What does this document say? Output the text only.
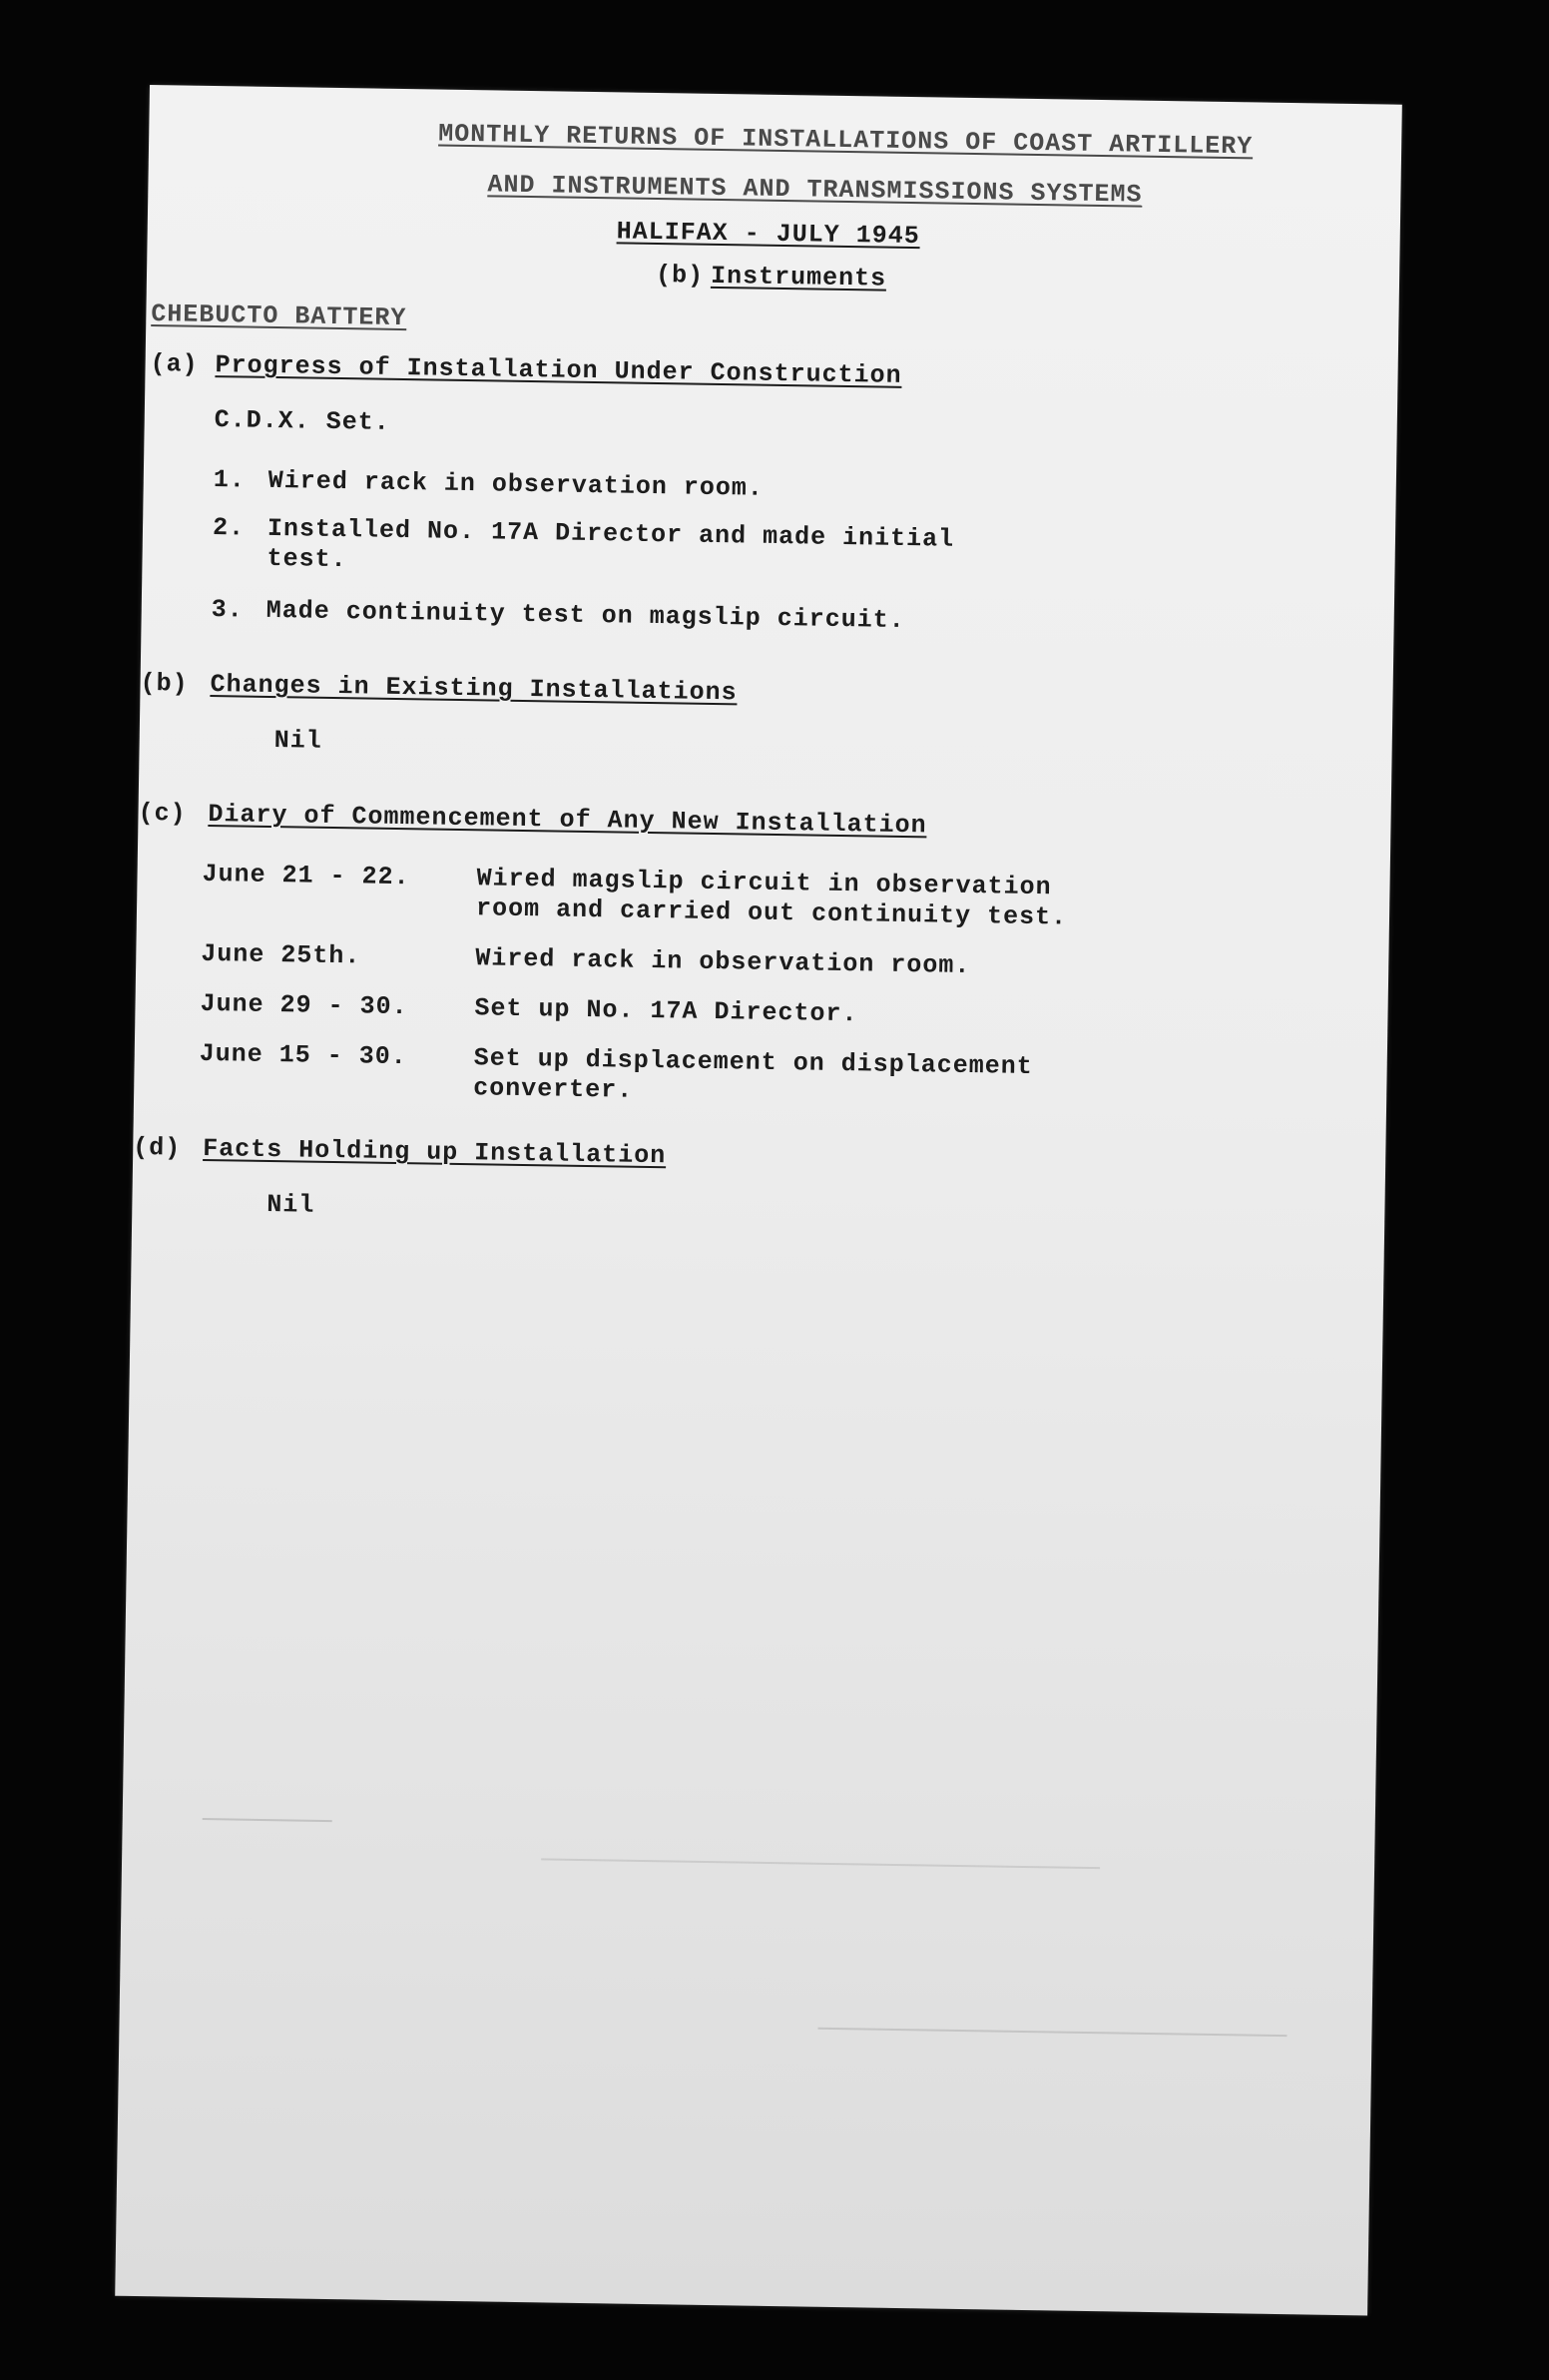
MONTHLY RETURNS OF INSTALLATIONS OF COAST ARTILLERY
AND INSTRUMENTS AND TRANSMISSIONS SYSTEMS
HALIFAX - JULY 1945
(b) Instruments
CHEBUCTO BATTERY
(a) Progress of Installation Under Construction
C.D.X. Set.
1. Wired rack in observation room.
2. Installed No. 17A Director and made initial
test.
3. Made continuity test on magslip circuit.
(b) Changes in Existing Installations
Nil
(c) Diary of Commencement of Any New Installation
June 21 - 22.	Wired magslip circuit in observation
room and carried out continuity test.
June 25th.	Wired rack in observation room.
June 29 - 30.	Set up No. 17A Director.
June 15 - 30.	Set up displacement on displacement
converter.
(d) Facts Holding up Installation
Nil
